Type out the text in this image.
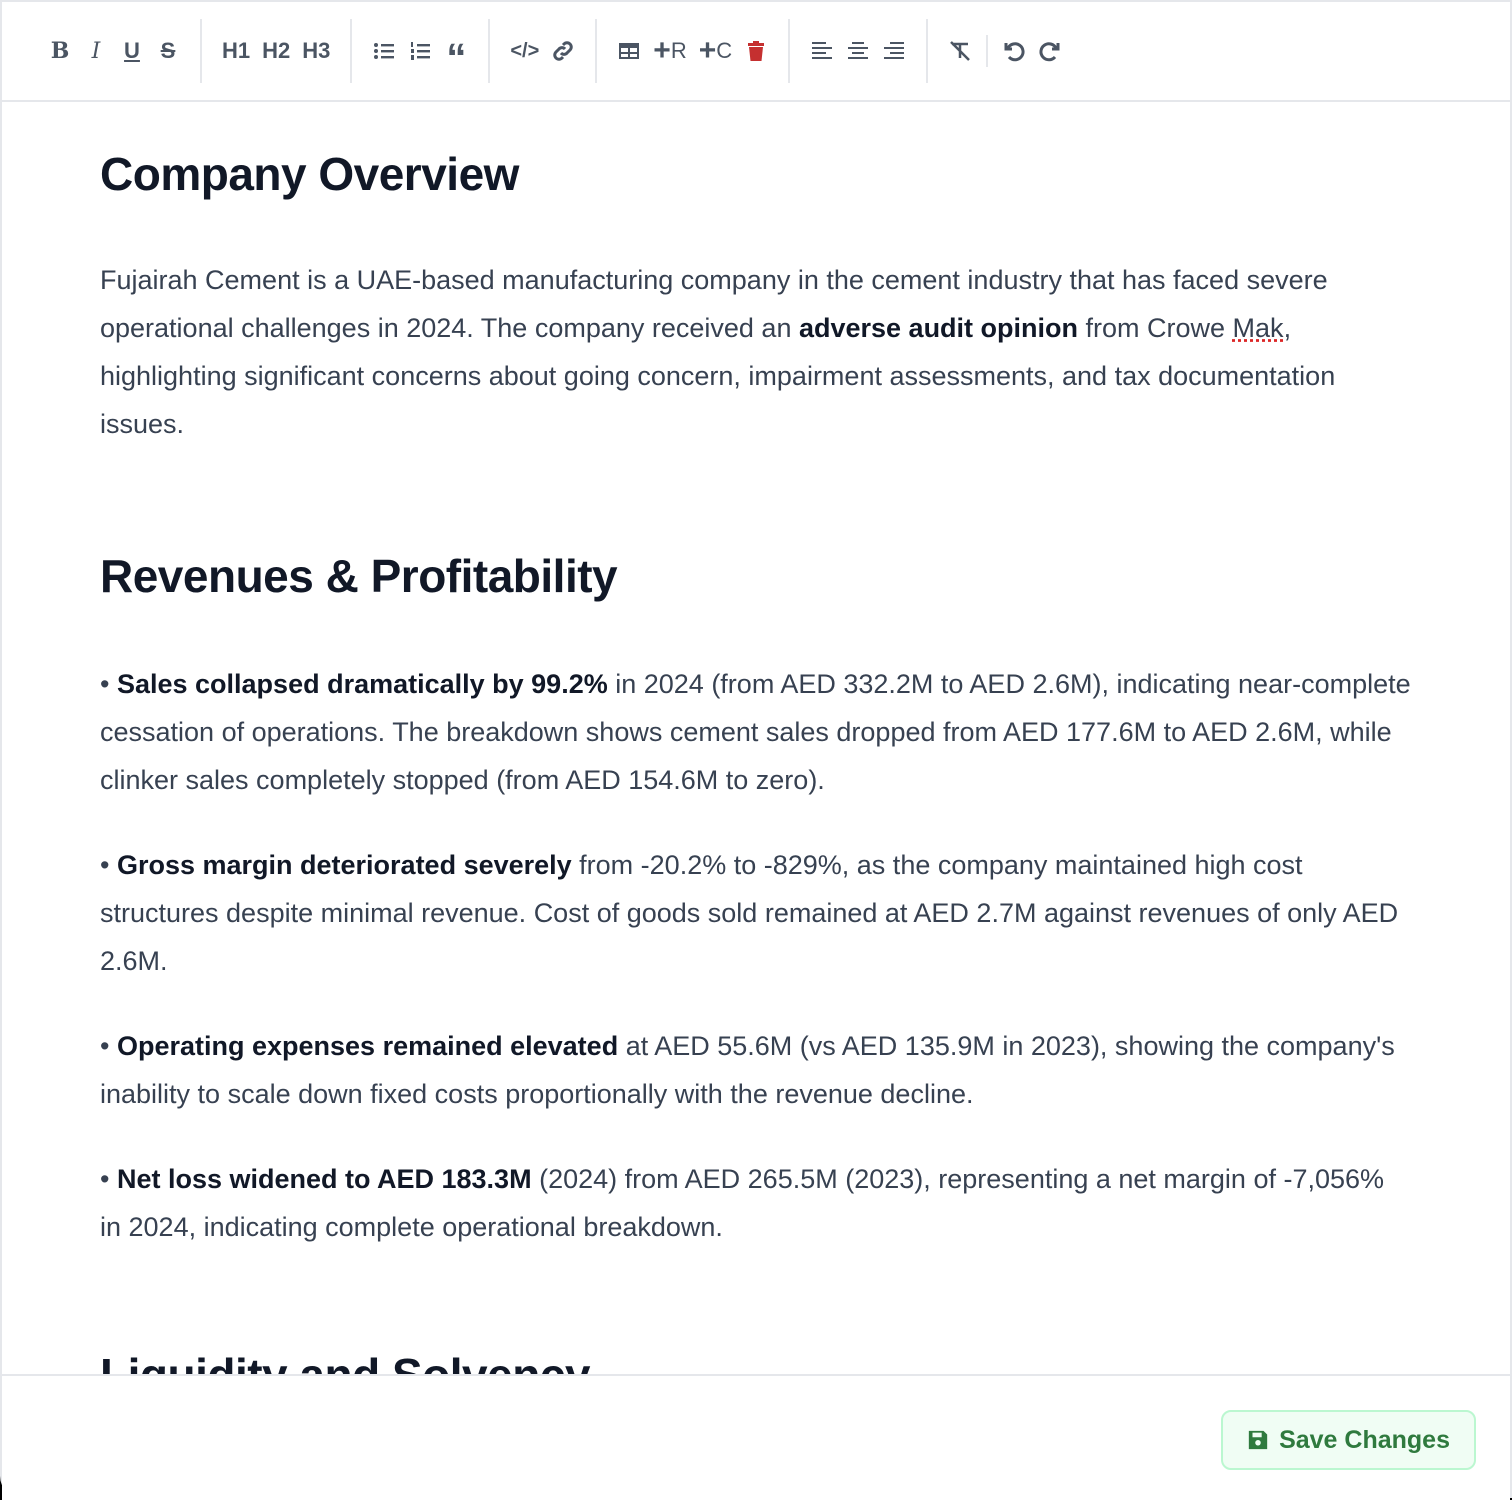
B I U S H1 H2 H3	“ </>	+ R + C
Company Overview

Fujairah Cement is a UAE-based manufacturing company in the cement industry that has faced severe operational challenges in 2024. The company received an adverse audit opinion from Crowe Mak, highlighting significant concerns about going concern, impairment assessments, and tax documentation issues.

Revenues & Profitability

• Sales collapsed dramatically by 99.2% in 2024 (from AED 332.2M to AED 2.6M), indicating near-complete cessation of operations. The breakdown shows cement sales dropped from AED 177.6M to AED 2.6M, while clinker sales completely stopped (from AED 154.6M to zero).

• Gross margin deteriorated severely from -20.2% to -829%, as the company maintained high cost structures despite minimal revenue. Cost of goods sold remained at AED 2.7M against revenues of only AED 2.6M.

• Operating expenses remained elevated at AED 55.6M (vs AED 135.9M in 2023), showing the company's inability to scale down fixed costs proportionally with the revenue decline.

• Net loss widened to AED 183.3M (2024) from AED 265.5M (2023), representing a net margin of -7,056% in 2024, indicating complete operational breakdown.

Save Changes
